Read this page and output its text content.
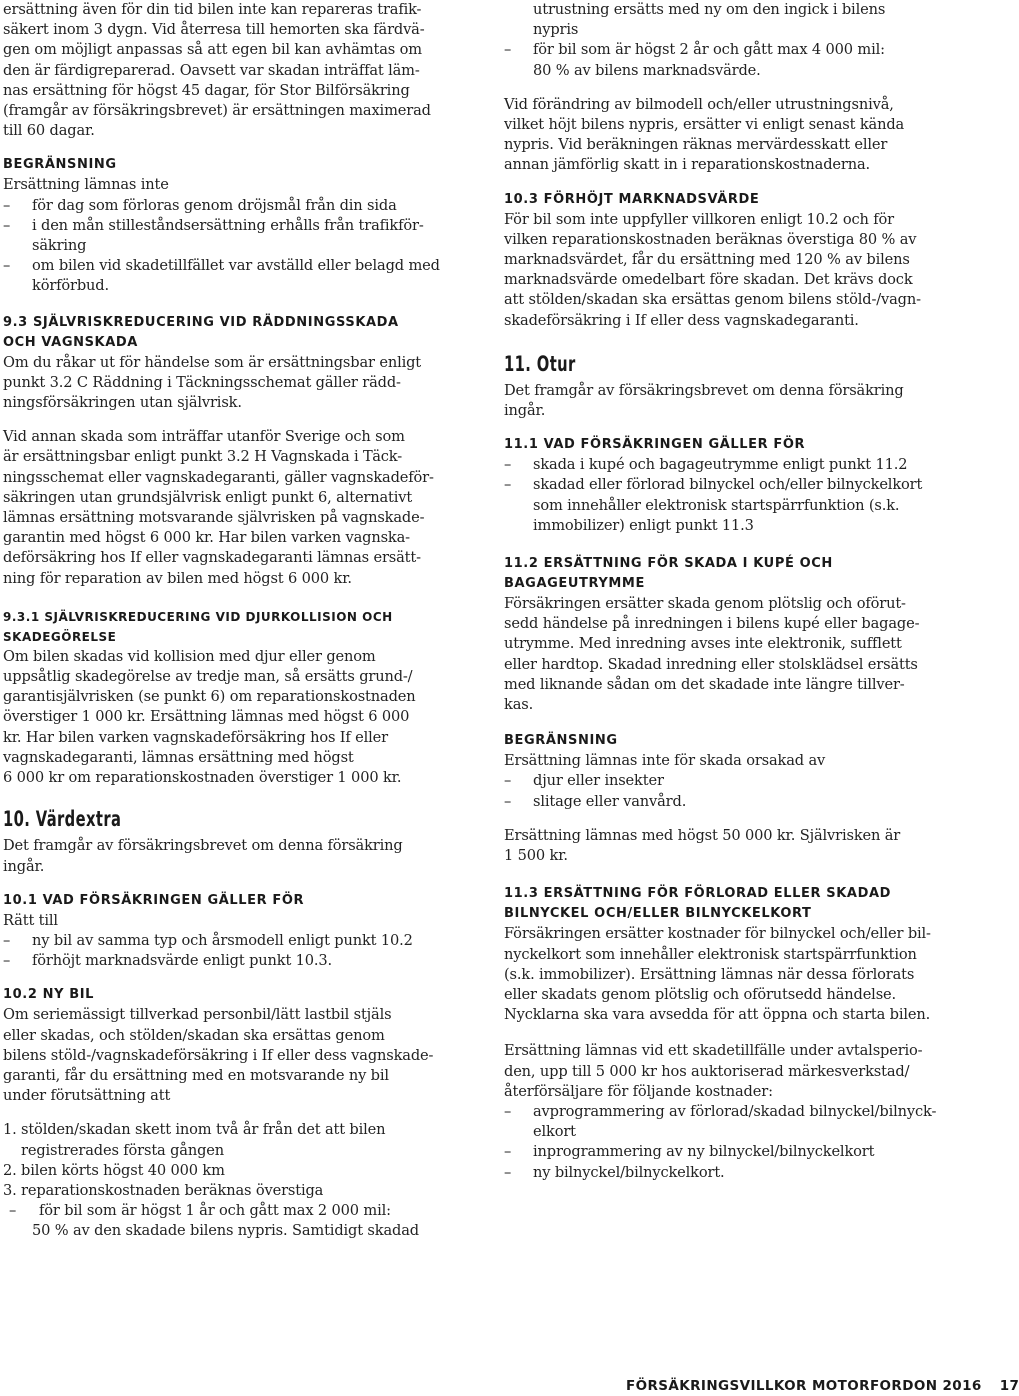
ersättning även för din tid bilen inte kan repareras trafik-

säkert inom 3 dygn. Vid återresa till hemorten ska färdvä-

gen om möjligt anpassas så att egen bil kan avhämtas om

den är färdigreparerad. Oavsett var skadan inträffat läm-

nas ersättning för högst 45 dagar, för Stor Bilförsäkring

(framgår av försäkringsbrevet) är ersättningen maximerad

till 60 dagar.

BEGRÄNSNING

Ersättning lämnas inte

–	för dag som förloras genom dröjsmål från din sida
–	i den mån stilleståndsersättning erhålls från trafikför-
säkring
–	om bilen vid skadetillfället var avställd eller belagd med
körförbud.

9.3 SJÄLVRISKREDUCERING VID RÄDDNINGSSKADA

OCH VAGNSKADA

Om du råkar ut för händelse som är ersättningsbar enligt

punkt 3.2 C Räddning i Täckningsschemat gäller rädd-

ningsförsäkringen utan självrisk.

Vid annan skada som inträffar utanför Sverige och som

är ersättningsbar enligt punkt 3.2 H Vagnskada i Täck-

ningsschemat eller vagnskadegaranti, gäller vagnskadeför-

säkringen utan grundsjälvrisk enligt punkt 6, alternativt

lämnas ersättning motsvarande självrisken på vagnskade-

garantin med högst 6 000 kr. Har bilen varken vagnska-

deförsäkring hos If eller vagnskadegaranti lämnas ersätt-

ning för reparation av bilen med högst 6 000 kr.

9.3.1 SJÄLVRISKREDUCERING VID DJURKOLLISION OCH

SKADEGÖRELSE

Om bilen skadas vid kollision med djur eller genom

uppsåtlig skadegörelse av tredje man, så ersätts grund-/

garantisjälvrisken (se punkt 6) om reparationskostnaden

överstiger 1 000 kr. Ersättning lämnas med högst 6 000

kr. Har bilen varken vagnskadeförsäkring hos If eller

vagnskadegaranti, lämnas ersättning med högst

6 000 kr om reparationskostnaden överstiger 1 000 kr.

10. Värdextra

Det framgår av försäkringsbrevet om denna försäkring

ingår.

10.1 VAD FÖRSÄKRINGEN GÄLLER FÖR

Rätt till

–	ny bil av samma typ och årsmodell enligt punkt 10.2
–	förhöjt marknadsvärde enligt punkt 10.3.

10.2 NY BIL

Om seriemässigt tillverkad personbil/lätt lastbil stjäls

eller skadas, och stölden/skadan ska ersättas genom

bilens stöld-/vagnskadeförsäkring i If eller dess vagnskade-

garanti, får du ersättning med en motsvarande ny bil

under förutsättning att

1. stölden/skadan skett inom två år från det att bilen
registrerades första gången
2. bilen körts högst 40 000 km
3. reparationskostnaden beräknas överstiga
–	för bil som är högst 1 år och gått max 2 000 mil:
50 % av den skadade bilens nypris. Samtidigt skadad

utrustning ersätts med ny om den ingick i bilens

nypris

–	för bil som är högst 2 år och gått max 4 000 mil:
80 % av bilens marknadsvärde.

Vid förändring av bilmodell och/eller utrustningsnivå,

vilket höjt bilens nypris, ersätter vi enligt senast kända

nypris. Vid beräkningen räknas mervärdesskatt eller

annan jämförlig skatt in i reparationskostnaderna.

10.3 FÖRHÖJT MARKNADSVÄRDE

För bil som inte uppfyller villkoren enligt 10.2 och för

vilken reparationskostnaden beräknas överstiga 80 % av

marknadsvärdet, får du ersättning med 120 % av bilens

marknadsvärde omedelbart före skadan. Det krävs dock

att stölden/skadan ska ersättas genom bilens stöld-/vagn-

skadeförsäkring i If eller dess vagnskadegaranti.

11. Otur

Det framgår av försäkringsbrevet om denna försäkring

ingår.

11.1 VAD FÖRSÄKRINGEN GÄLLER FÖR

–	skada i kupé och bagageutrymme enligt punkt 11.2
–	skadad eller förlorad bilnyckel och/eller bilnyckelkort
som innehåller elektronisk startspärrfunktion (s.k.
immobilizer) enligt punkt 11.3

11.2 ERSÄTTNING FÖR SKADA I KUPÉ OCH

BAGAGEUTRYMME

Försäkringen ersätter skada genom plötslig och oförut-

sedd händelse på inredningen i bilens kupé eller bagage-

utrymme. Med inredning avses inte elektronik, sufflett

eller hardtop. Skadad inredning eller stolsklädsel ersätts

med liknande sådan om det skadade inte längre tillver-

kas.

BEGRÄNSNING

Ersättning lämnas inte för skada orsakad av

–	djur eller insekter
–	slitage eller vanvård.

Ersättning lämnas med högst 50 000 kr. Självrisken är

1 500 kr.

11.3 ERSÄTTNING FÖR FÖRLORAD ELLER SKADAD

BILNYCKEL OCH/ELLER BILNYCKELKORT

Försäkringen ersätter kostnader för bilnyckel och/eller bil-

nyckelkort som innehåller elektronisk startspärrfunktion

(s.k. immobilizer). Ersättning lämnas när dessa förlorats

eller skadats genom plötslig och oförutsedd händelse.

Nycklarna ska vara avsedda för att öppna och starta bilen.

Ersättning lämnas vid ett skadetillfälle under avtalsperio-

den, upp till 5 000 kr hos auktoriserad märkesverkstad/

återförsäljare för följande kostnader:

–	avprogrammering av förlorad/skadad bilnyckel/bilnyck-
elkort
–	inprogrammering av ny bilnyckel/bilnyckelkort
–	ny bilnyckel/bilnyckelkort.
FÖRSÄKRINGSVILLKOR MOTORFORDON 2016 17
